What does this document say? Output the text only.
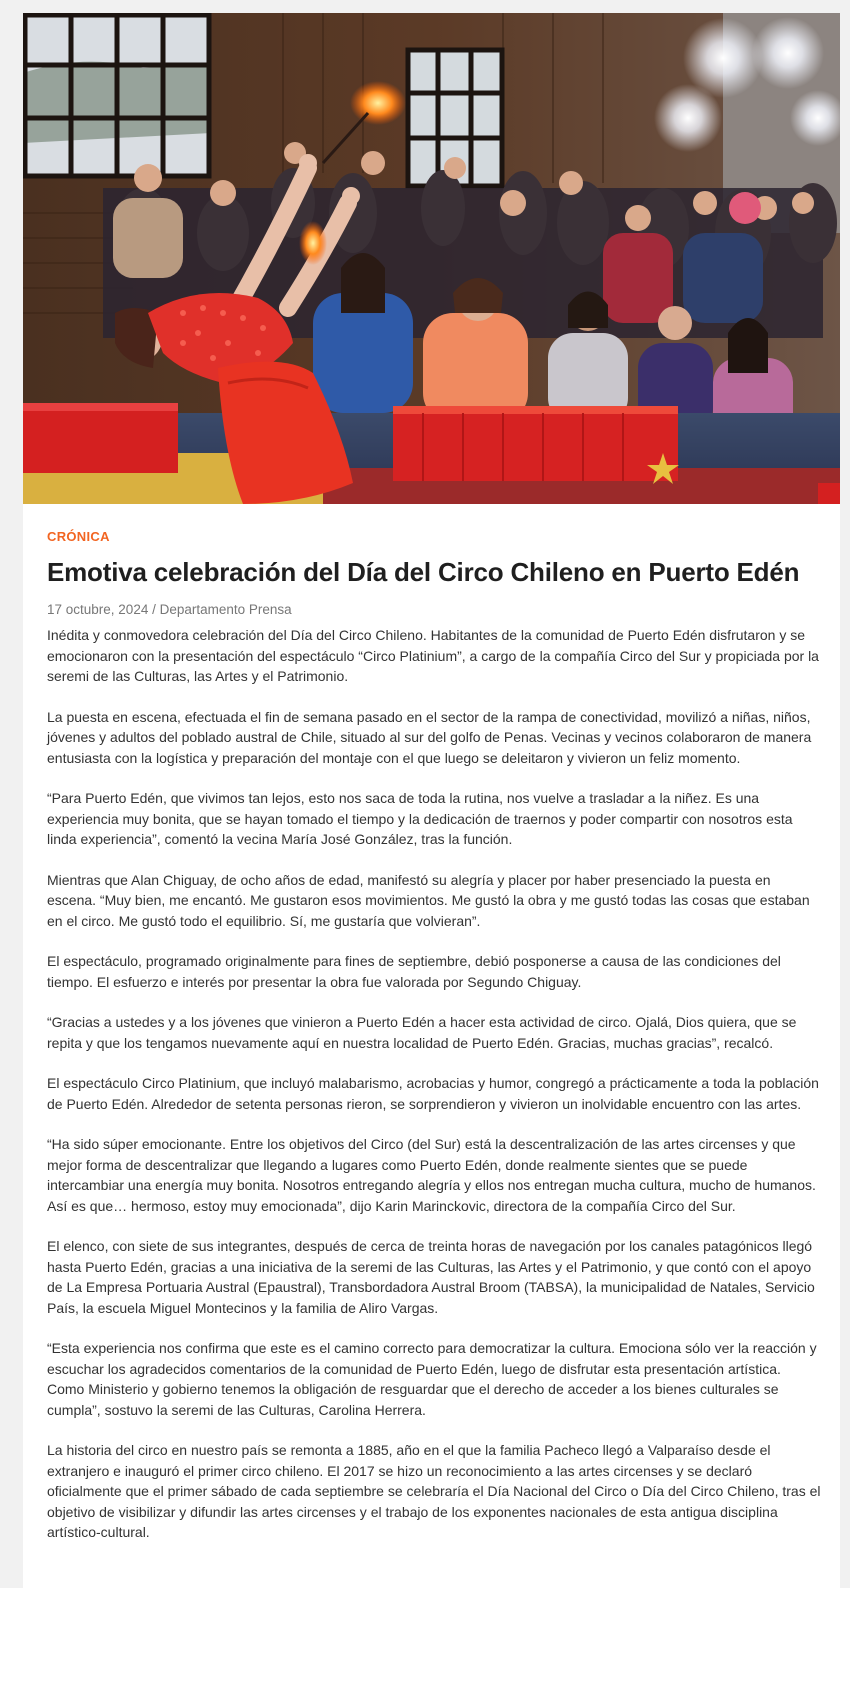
CRÓNICA
Emotiva celebración del Día del Circo Chileno en Puerto Edén
17 octubre, 2024 / Departamento Prensa

Inédita y conmovedora celebración del Día del Circo Chileno. Habitantes de la comunidad de Puerto Edén disfrutaron y se emocionaron con la presentación del espectáculo “Circo Platinium”, a cargo de la compañía Circo del Sur y propiciada por la seremi de las Culturas, las Artes y el Patrimonio.

La puesta en escena, efectuada el fin de semana pasado en el sector de la rampa de conectividad, movilizó a niñas, niños, jóvenes y adultos del poblado austral de Chile, situado al sur del golfo de Penas. Vecinas y vecinos colaboraron de manera entusiasta con la logística y preparación del montaje con el que luego se deleitaron y vivieron un feliz momento.

“Para Puerto Edén, que vivimos tan lejos, esto nos saca de toda la rutina, nos vuelve a trasladar a la niñez. Es una experiencia muy bonita, que se hayan tomado el tiempo y la dedicación de traernos y poder compartir con nosotros esta linda experiencia”, comentó la vecina María José González, tras la función.

Mientras que Alan Chiguay, de ocho años de edad, manifestó su alegría y placer por haber presenciado la puesta en escena. “Muy bien, me encantó. Me gustaron esos movimientos. Me gustó la obra y me gustó todas las cosas que estaban en el circo. Me gustó todo el equilibrio. Sí, me gustaría que volvieran”.

El espectáculo, programado originalmente para fines de septiembre, debió posponerse a causa de las condiciones del tiempo. El esfuerzo e interés por presentar la obra fue valorada por Segundo Chiguay.

“Gracias a ustedes y a los jóvenes que vinieron a Puerto Edén a hacer esta actividad de circo. Ojalá, Dios quiera, que se repita y que los tengamos nuevamente aquí en nuestra localidad de Puerto Edén. Gracias, muchas gracias”, recalcó.

El espectáculo Circo Platinium, que incluyó malabarismo, acrobacias y humor, congregó a prácticamente a toda la población de Puerto Edén. Alrededor de setenta personas rieron, se sorprendieron y vivieron un inolvidable encuentro con las artes.

“Ha sido súper emocionante. Entre los objetivos del Circo (del Sur) está la descentralización de las artes circenses y que mejor forma de descentralizar que llegando a lugares como Puerto Edén, donde realmente sientes que se puede intercambiar una energía muy bonita. Nosotros entregando alegría y ellos nos entregan mucha cultura, mucho de humanos. Así es que… hermoso, estoy muy emocionada”, dijo Karin Marinckovic, directora de la compañía Circo del Sur.

El elenco, con siete de sus integrantes, después de cerca de treinta horas de navegación por los canales patagónicos llegó hasta Puerto Edén, gracias a una iniciativa de la seremi de las Culturas, las Artes y el Patrimonio, y que contó con el apoyo de La Empresa Portuaria Austral (Epaustral), Transbordadora Austral Broom (TABSA), la municipalidad de Natales, Servicio País, la escuela Miguel Montecinos y la familia de Aliro Vargas.

“Esta experiencia nos confirma que este es el camino correcto para democratizar la cultura. Emociona sólo ver la reacción y escuchar los agradecidos comentarios de la comunidad de Puerto Edén, luego de disfrutar esta presentación artística. Como Ministerio y gobierno tenemos la obligación de resguardar que el derecho de acceder a los bienes culturales se cumpla”, sostuvo la seremi de las Culturas, Carolina Herrera.

La historia del circo en nuestro país se remonta a 1885, año en el que la familia Pacheco llegó a Valparaíso desde el extranjero e inauguró el primer circo chileno. El 2017 se hizo un reconocimiento a las artes circenses y se declaró oficialmente que el primer sábado de cada septiembre se celebraría el Día Nacional del Circo o Día del Circo Chileno, tras el objetivo de visibilizar y difundir las artes circenses y el trabajo de los exponentes nacionales de esta antigua disciplina artístico-cultural.
